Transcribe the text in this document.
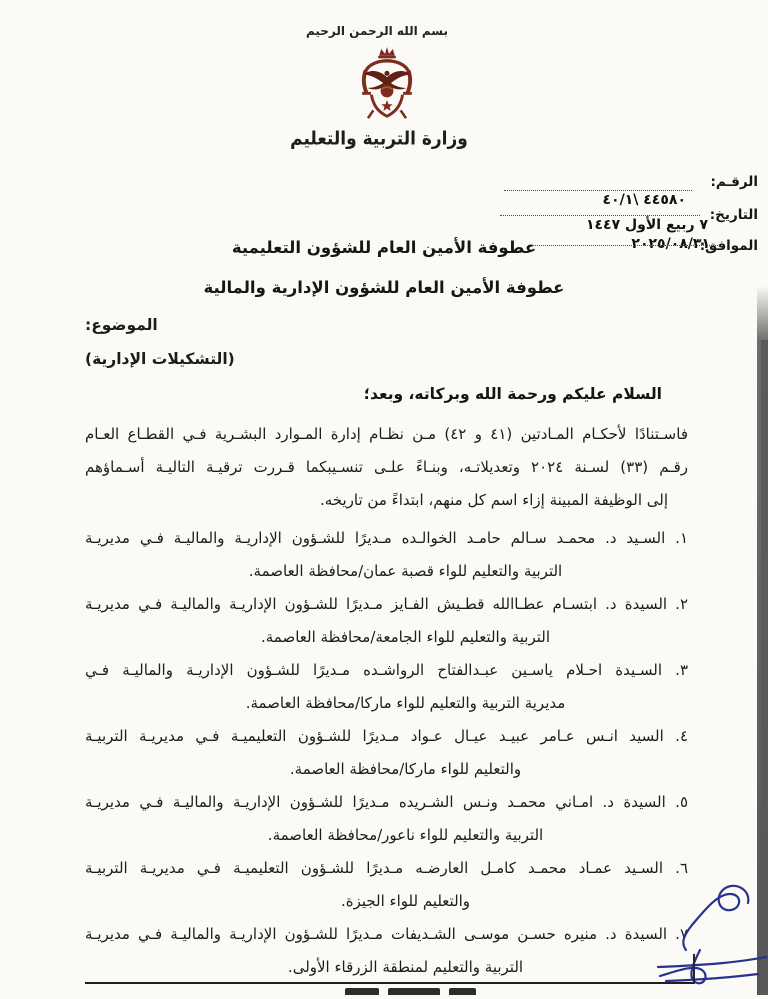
بسم الله الرحمن الرحيم
وزارة التربية والتعليم
الرقـم:
٤٤٥٨٠ \٤٠/١
التاريخ:
٧ ربيع الأول ١٤٤٧
الموافق:
٢٠٢٥/٠٨/٣١
عطوفة الأمين العام للشؤون التعليمية
عطوفة الأمين العام للشؤون الإدارية والمالية
الموضوع:
(التشكيلات الإدارية)
السلام عليكم ورحمة الله وبركاته، وبعد؛
فاسـتنادًا لأحكـام المـادتين (٤١ و ٤٢) مـن نظـام إدارة المـوارد البشـرية فـي القطـاع العـام
رقـم (٣٣) لسـنة ٢٠٢٤ وتعديلاتـه، وبنـاءً علـى تنسـيبكما قـررت ترقيـة التاليـة أسـماؤهم
إلى الوظيفة المبينة إزاء اسم كل منهم، ابتداءً من تاريخه.
١. السـيد د. محمـد سـالم حامـد الخوالـده مـديرًا للشـؤون الإداريـة والماليـة فـي مديريـة
التربية والتعليم للواء قصبة عمان/محافظة العاصمة.
٢. السيدة د. ابتسـام عطـاالله قطـيش الفـايز مـديرًا للشـؤون الإداريـة والماليـة فـي مديريـة
التربية والتعليم للواء الجامعة/محافظة العاصمة.
٣. السـيدة احـلام ياسـين عبـدالفتاح الرواشـده مـديرًا للشـؤون الإداريـة والماليـة فـي
مديرية التربية والتعليم للواء ماركا/محافظة العاصمة.
٤. السيد انـس عـامر عبيـد عيـال عـواد مـديرًا للشـؤون التعليميـة فـي مديريـة التربيـة
والتعليم للواء ماركا/محافظة العاصمة.
٥. السيدة د. امـاني محمـد ونـس الشـريده مـديرًا للشـؤون الإداريـة والماليـة فـي مديريـة
التربية والتعليم للواء ناعور/محافظة العاصمة.
٦. السـيد عمـاد محمـد كامـل العارضـه مـديرًا للشـؤون التعليميـة فـي مديريـة التربيـة
والتعليم للواء الجيزة.
٧. السيدة د. منيره حسـن موسـى الشـديفات مـديرًا للشـؤون الإداريـة والماليـة فـي مديريـة
التربية والتعليم لمنطقة الزرقاء الأولى.
